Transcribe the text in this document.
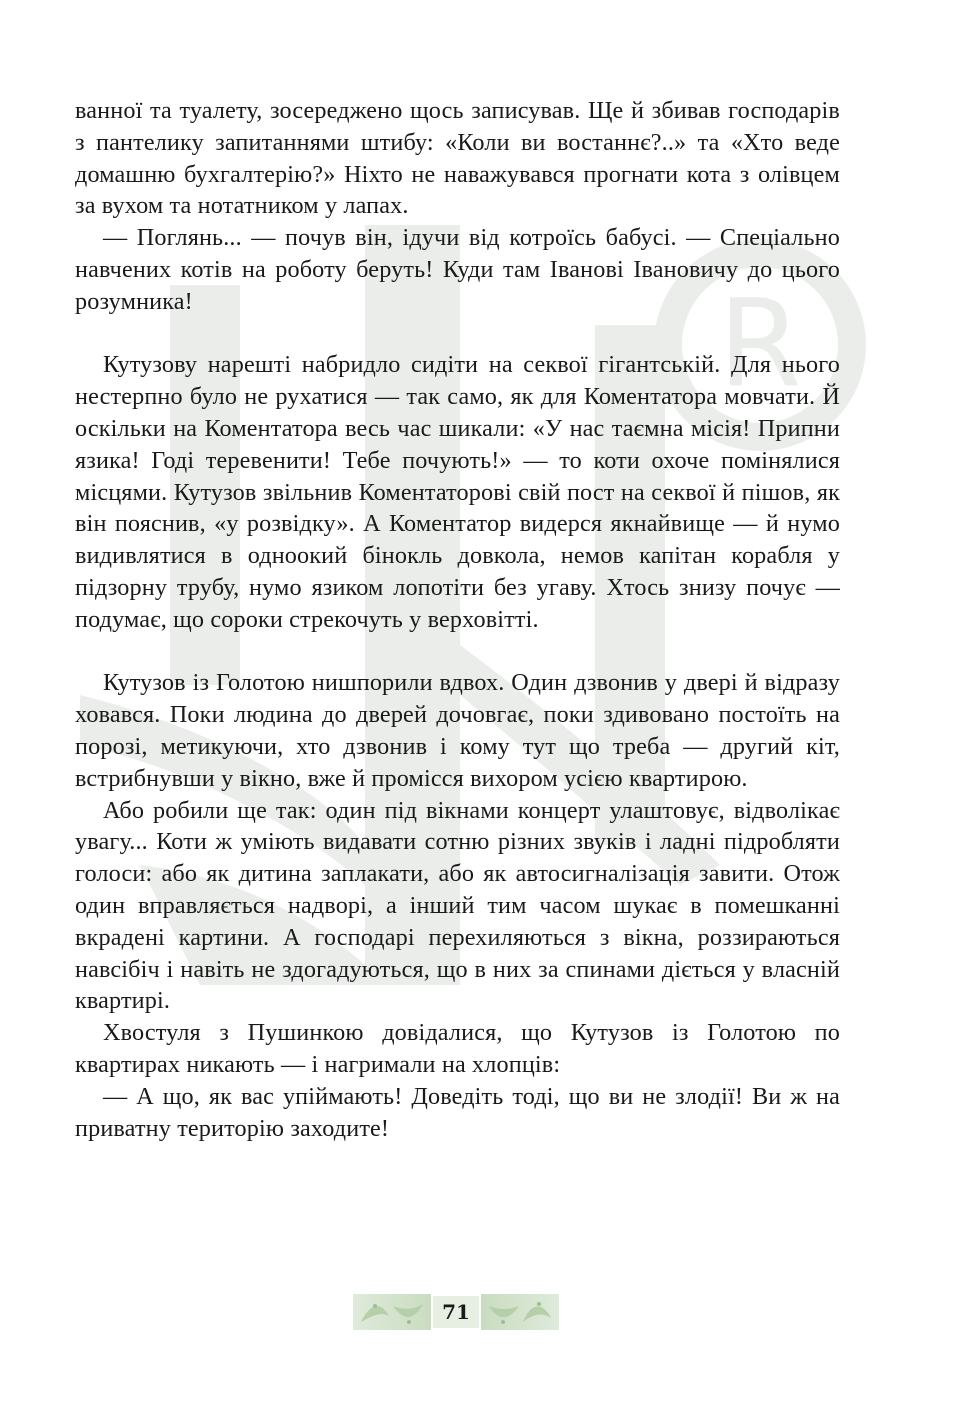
R

ванної та туалету, зосереджено щось записував. Ще й збивав господарів з пантелику запитаннями штибу: «Коли ви востаннє?..» та «Хто веде домашню бухгалтерію?» Ніхто не наважувався прогнати кота з олівцем за вухом та нотатником у лапах.

— Поглянь... — почув він, ідучи від котроїсь бабусі. — Спеціально навчених котів на роботу беруть! Куди там Іванові Івановичу до цього розумника!

Кутузову нарешті набридло сидіти на секвої гігантській. Для нього нестерпно було не рухатися — так само, як для Коментатора мовчати. Й оскільки на Коментатора весь час шикали: «У нас таємна місія! Припни язика! Годі теревенити! Тебе почують!» — то коти охоче помінялися місцями. Кутузов звільнив Коментаторові свій пост на секвої й пішов, як він пояснив, «у розвідку». А Коментатор видерся якнайвище — й нумо видивлятися в одноокий бінокль довкола, немов капітан корабля у підзорну трубу, нумо язиком лопотіти без угаву. Хтось знизу почує — подумає, що сороки стрекочуть у верховітті.

Кутузов із Голотою нишпорили вдвох. Один дзвонив у двері й відразу ховався. Поки людина до дверей дочовгає, поки здивовано постоїть на порозі, метикуючи, хто дзвонив і кому тут що треба — другий кіт, встрибнувши у вікно, вже й промісся вихором усією квартирою.

Або робили ще так: один під вікнами концерт улаштовує, відволікає увагу... Коти ж уміють видавати сотню різних звуків і ладні підробляти голоси: або як дитина заплакати, або як автосигналізація завити. Отож один вправляється надворі, а інший тим часом шукає в помешканні вкрадені картини. А господарі перехиляються з вікна, роззираються навсібіч і навіть не здогадуються, що в них за спинами діється у власній квартирі.

Хвостуля з Пушинкою довідалися, що Кутузов із Голотою по квартирах никають — і нагримали на хлопців:

— А що, як вас упіймають! Доведіть тоді, що ви не злодії! Ви ж на приватну територію заходите!

71
